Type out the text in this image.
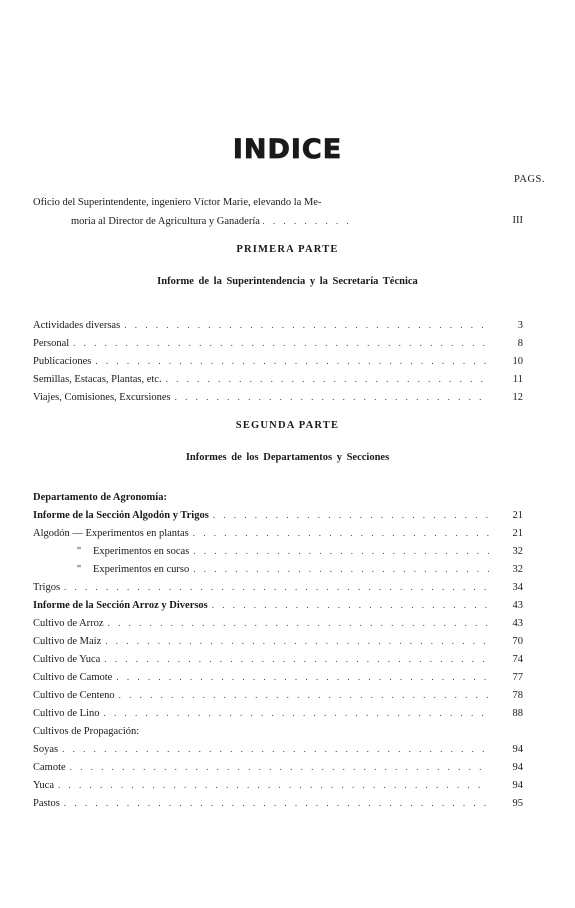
INDICE
PAGS.
Oficio del Superintendente, ingeniero Víctor Marie, elevando la Me-
moria al Director de Agricultura y Ganadería . . . . . . . . .	III
PRIMERA PARTE
Informe de la Superintendencia y la Secretaría Técnica
Actividades diversas . . .	3
Personal . . .	8
Publicaciones . . .	10
Semillas, Estacas, Plantas, etc. . . .	11
Viajes, Comisiones, Excursiones . . .	12
SEGUNDA PARTE
Informes de los Departamentos y Secciones
Departamento de Agronomía:
Informe de la Sección Algodón y Trigos . . .	21
Algodón — Experimentos en plantas . . .	21
" Experimentos en socas . . .	32
" Experimentos en curso . . .	32
Trigos . . .	34
Informe de la Sección Arroz y Diversos . . .	43
Cultivo de Arroz . . .	43
Cultivo de Maíz . . .	70
Cultivo de Yuca . . .	74
Cultivo de Camote . . .	77
Cultivo de Centeno . . .	78
Cultivo de Lino . . .	88
Cultivos de Propagación:
Soyas . . .	94
Camote . . .	94
Yuca . . .	94
Pastos . . .	95
